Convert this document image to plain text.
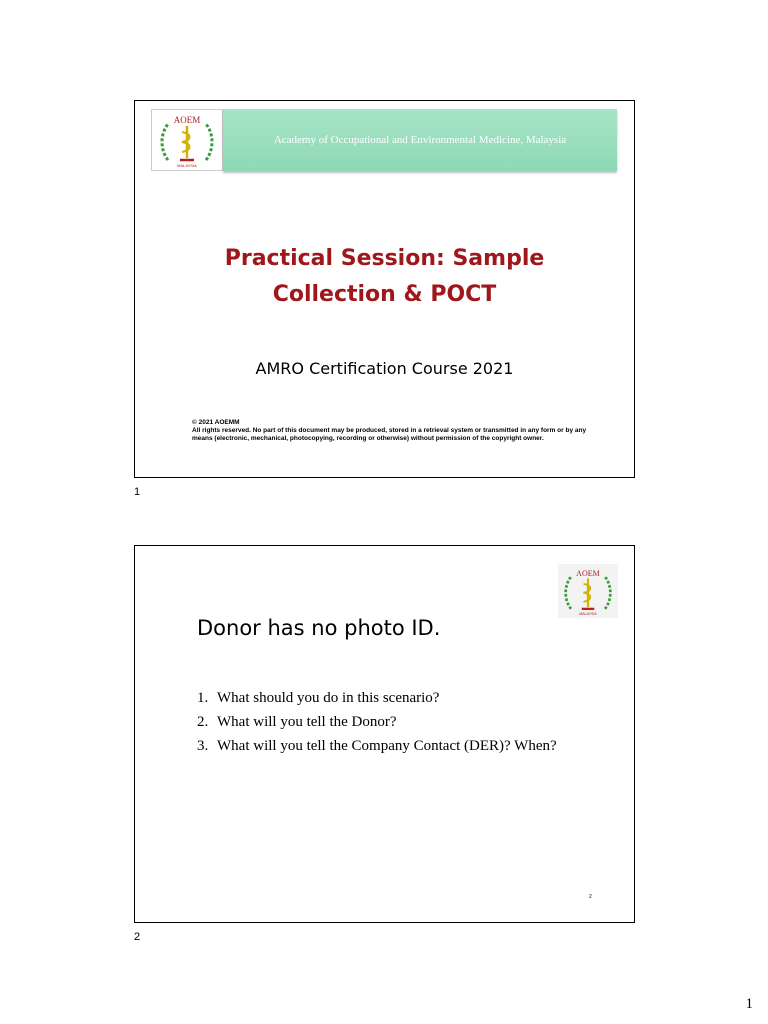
AOEM
MALAYSIA
Academy of Occupational and Environmental Medicine, Malaysia
Practical Session: Sample
Collection & POCT
AMRO Certification Course 2021
© 2021 AOEMM
All rights reserved. No part of this document may be produced, stored in a retrieval system or transmitted in any form or by any means (electronic, mechanical, photocopying, recording or otherwise) without permission of the copyright owner.
1
AOEM
MALAYSIA
Donor has no photo ID.
1. What should you do in this scenario?
2. What will you tell the Donor?
3. What will you tell the Company Contact (DER)? When?
2
2
1
